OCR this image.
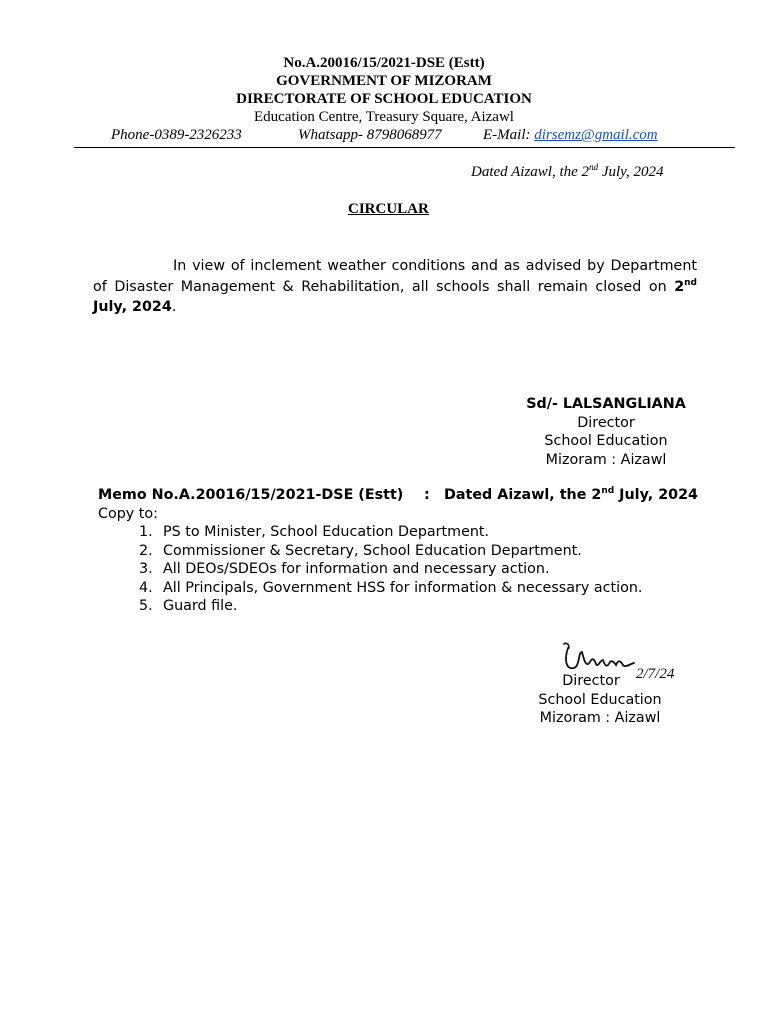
No.A.20016/15/2021-DSE (Estt)
GOVERNMENT OF MIZORAM
DIRECTORATE OF SCHOOL EDUCATION
Education Centre, Treasury Square, Aizawl
Phone-0389-2326233	Whatsapp- 8798068977	E-Mail: dirsemz@gmail.com
Dated Aizawl, the 2nd July, 2024
CIRCULAR
In view of inclement weather conditions and as advised by Department of Disaster Management & Rehabilitation, all schools shall remain closed on 2nd July, 2024.
Sd/- LALSANGLIANA
Director
School Education
Mizoram : Aizawl
Memo No.A.20016/15/2021-DSE (Estt) : Dated Aizawl, the 2nd July, 2024
Copy to:
1. PS to Minister, School Education Department.
2. Commissioner & Secretary, School Education Department.
3. All DEOs/SDEOs for information and necessary action.
4. All Principals, Government HSS for information & necessary action.
5. Guard file.
2/7/24
Director
School Education
Mizoram : Aizawl
